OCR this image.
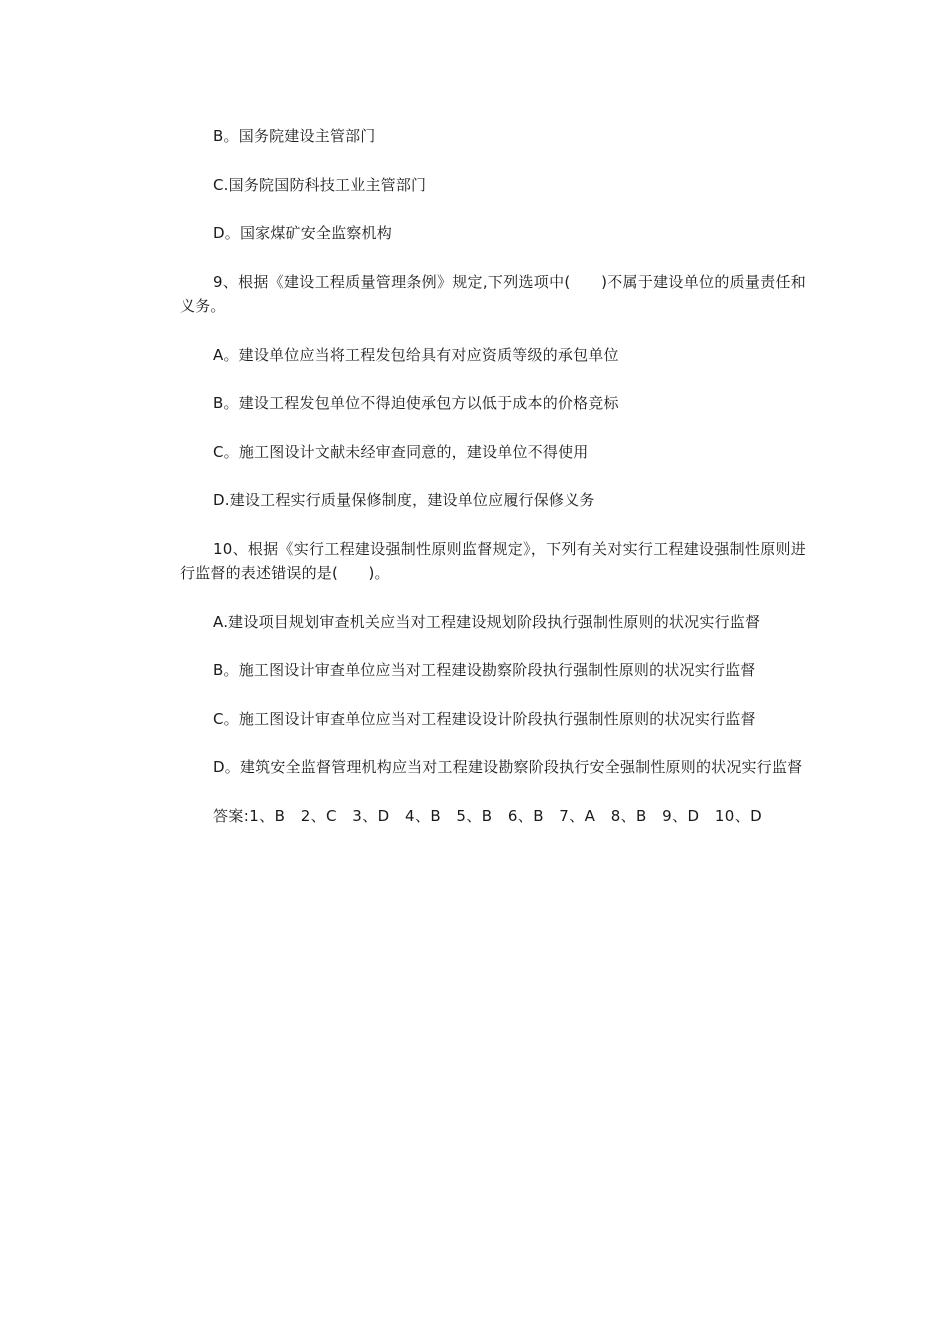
B。国务院建设主管部门

C.国务院国防科技工业主管部门

D。国家煤矿安全监察机构

9、根据《建设工程质量管理条例》规定,下列选项中(　　)不属于建设单位的质量责任和义务。

A。建设单位应当将工程发包给具有对应资质等级的承包单位

B。建设工程发包单位不得迫使承包方以低于成本的价格竞标

C。施工图设计文献未经审查同意的，建设单位不得使用

D.建设工程实行质量保修制度，建设单位应履行保修义务

10、根据《实行工程建设强制性原则监督规定》，下列有关对实行工程建设强制性原则进行监督的表述错误的是(　　)。

A.建设项目规划审查机关应当对工程建设规划阶段执行强制性原则的状况实行监督

B。施工图设计审查单位应当对工程建设勘察阶段执行强制性原则的状况实行监督

C。施工图设计审查单位应当对工程建设设计阶段执行强制性原则的状况实行监督

D。建筑安全监督管理机构应当对工程建设勘察阶段执行安全强制性原则的状况实行监督

答案:1、B　2、C　3、D　4、B　5、B　6、B　7、A　8、B　9、D　10、D
